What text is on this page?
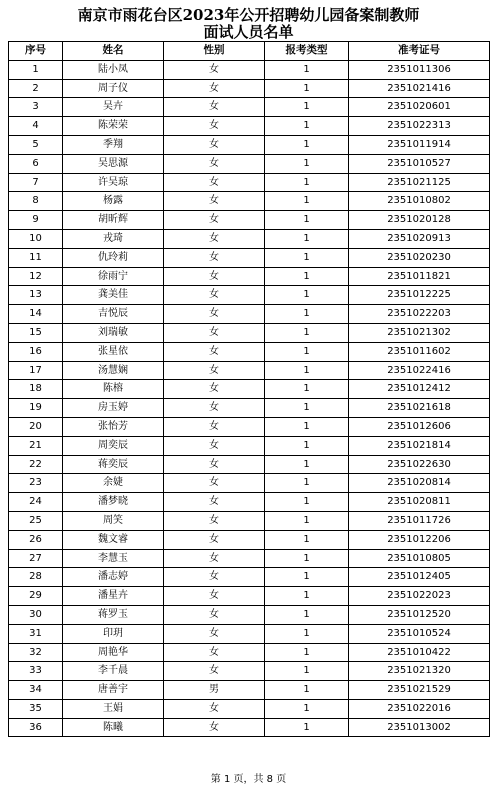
南京市雨花台区2023年公开招聘幼儿园备案制教师
面试人员名单
序号	姓名	性别	报考类型	准考证号
1	陆小凤	女	1	2351011306
2	周子仪	女	1	2351021416
3	吴卉	女	1	2351020601
4	陈荣荣	女	1	2351022313
5	季翔	女	1	2351011914
6	吴思源	女	1	2351010527
7	许吴琼	女	1	2351021125
8	杨露	女	1	2351010802
9	胡昕辉	女	1	2351020128
10	戎琦	女	1	2351020913
11	仇玲莉	女	1	2351020230
12	徐雨宁	女	1	2351011821
13	龚美佳	女	1	2351012225
14	吉悦辰	女	1	2351022203
15	刘瑞敏	女	1	2351021302
16	张星依	女	1	2351011602
17	汤慧娴	女	1	2351022416
18	陈榕	女	1	2351012412
19	房玉婷	女	1	2351021618
20	张怡芳	女	1	2351012606
21	周奕辰	女	1	2351021814
22	蒋奕辰	女	1	2351022630
23	余婕	女	1	2351020814
24	潘梦晓	女	1	2351020811
25	周笑	女	1	2351011726
26	魏文睿	女	1	2351012206
27	李慧玉	女	1	2351010805
28	潘志婷	女	1	2351012405
29	潘星卉	女	1	2351022023
30	蒋罗玉	女	1	2351012520
31	印玥	女	1	2351010524
32	周艳华	女	1	2351010422
33	李千晨	女	1	2351021320
34	唐善宇	男	1	2351021529
35	王娟	女	1	2351022016
36	陈曦	女	1	2351013002
第 1 页，共 8 页
